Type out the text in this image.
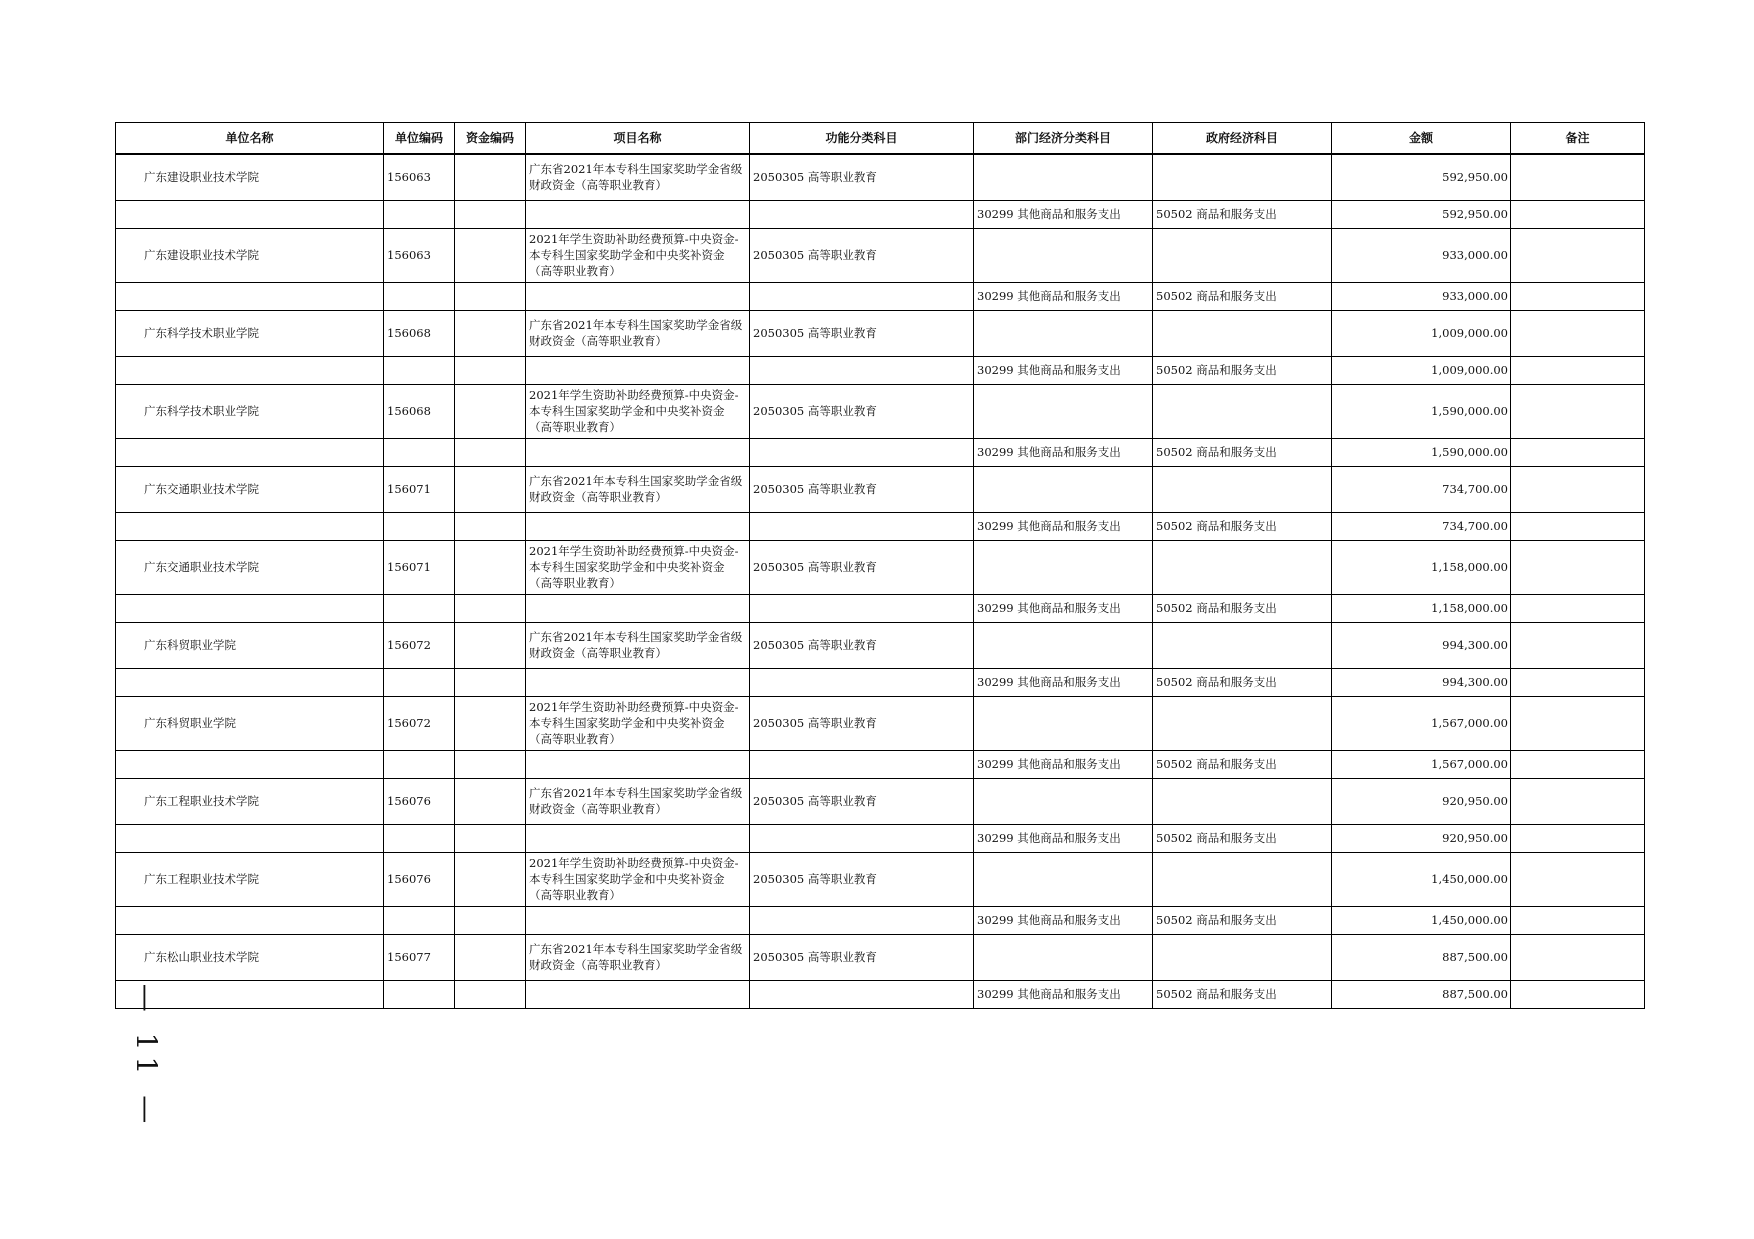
单位名称	单位编码	资金编码	项目名称	功能分类科目	部门经济分类科目	政府经济科目	金额	备注
广东建设职业技术学院	156063		广东省2021年本专科生国家奖助学金省级财政资金（高等职业教育）	2050305 高等职业教育			592,950.00	
					30299 其他商品和服务支出	50502 商品和服务支出	592,950.00	
广东建设职业技术学院	156063		2021年学生资助补助经费预算-中央资金-本专科生国家奖助学金和中央奖补资金（高等职业教育）	2050305 高等职业教育			933,000.00	
					30299 其他商品和服务支出	50502 商品和服务支出	933,000.00	
广东科学技术职业学院	156068		广东省2021年本专科生国家奖助学金省级财政资金（高等职业教育）	2050305 高等职业教育			1,009,000.00	
					30299 其他商品和服务支出	50502 商品和服务支出	1,009,000.00	
广东科学技术职业学院	156068		2021年学生资助补助经费预算-中央资金-本专科生国家奖助学金和中央奖补资金（高等职业教育）	2050305 高等职业教育			1,590,000.00	
					30299 其他商品和服务支出	50502 商品和服务支出	1,590,000.00	
广东交通职业技术学院	156071		广东省2021年本专科生国家奖助学金省级财政资金（高等职业教育）	2050305 高等职业教育			734,700.00	
					30299 其他商品和服务支出	50502 商品和服务支出	734,700.00	
广东交通职业技术学院	156071		2021年学生资助补助经费预算-中央资金-本专科生国家奖助学金和中央奖补资金（高等职业教育）	2050305 高等职业教育			1,158,000.00	
					30299 其他商品和服务支出	50502 商品和服务支出	1,158,000.00	
广东科贸职业学院	156072		广东省2021年本专科生国家奖助学金省级财政资金（高等职业教育）	2050305 高等职业教育			994,300.00	
					30299 其他商品和服务支出	50502 商品和服务支出	994,300.00	
广东科贸职业学院	156072		2021年学生资助补助经费预算-中央资金-本专科生国家奖助学金和中央奖补资金（高等职业教育）	2050305 高等职业教育			1,567,000.00	
					30299 其他商品和服务支出	50502 商品和服务支出	1,567,000.00	
广东工程职业技术学院	156076		广东省2021年本专科生国家奖助学金省级财政资金（高等职业教育）	2050305 高等职业教育			920,950.00	
					30299 其他商品和服务支出	50502 商品和服务支出	920,950.00	
广东工程职业技术学院	156076		2021年学生资助补助经费预算-中央资金-本专科生国家奖助学金和中央奖补资金（高等职业教育）	2050305 高等职业教育			1,450,000.00	
					30299 其他商品和服务支出	50502 商品和服务支出	1,450,000.00	
广东松山职业技术学院	156077		广东省2021年本专科生国家奖助学金省级财政资金（高等职业教育）	2050305 高等职业教育			887,500.00	
					30299 其他商品和服务支出	50502 商品和服务支出	887,500.00	
— 11 —
